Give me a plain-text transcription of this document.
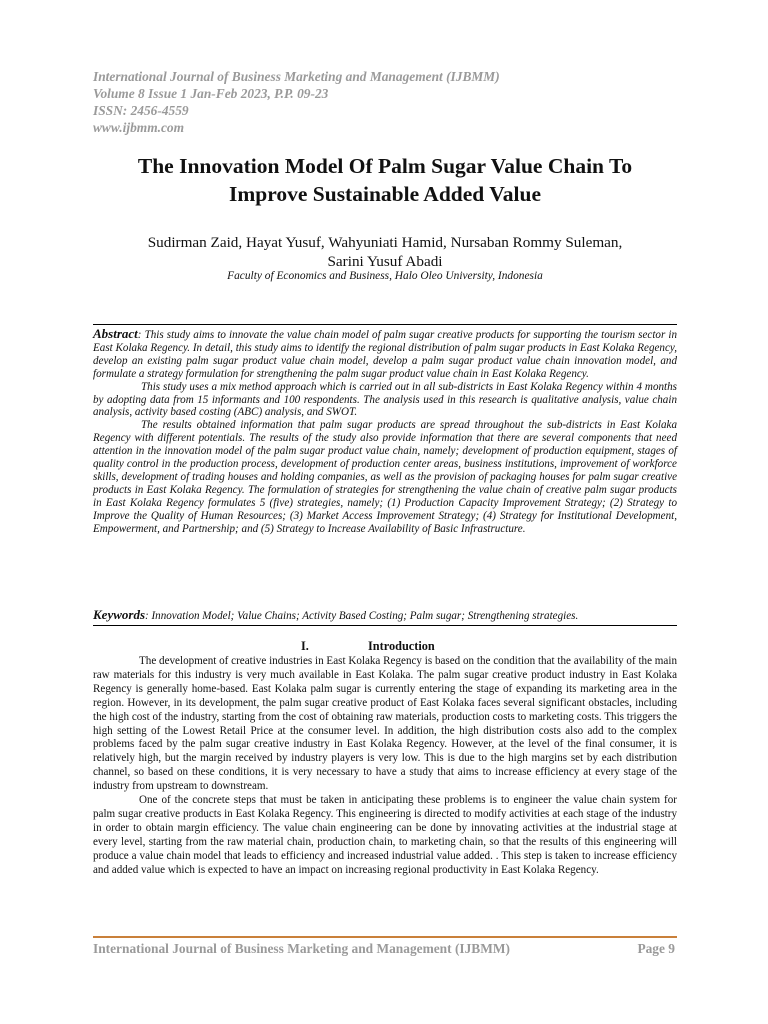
International Journal of Business Marketing and Management (IJBMM)
Volume 8 Issue 1 Jan-Feb 2023, P.P. 09-23
ISSN: 2456-4559
www.ijbmm.com
The Innovation Model Of Palm Sugar Value Chain To
Improve Sustainable Added Value
Sudirman Zaid, Hayat Yusuf, Wahyuniati Hamid, Nursaban Rommy Suleman,
Sarini Yusuf Abadi
Faculty of Economics and Business, Halo Oleo University, Indonesia

Abstract: This study aims to innovate the value chain model of palm sugar creative products for supporting the tourism sector in East Kolaka Regency. In detail, this study aims to identify the regional distribution of palm sugar products in East Kolaka Regency, develop an existing palm sugar product value chain model, develop a palm sugar product value chain innovation model, and formulate a strategy formulation for strengthening the palm sugar product value chain in East Kolaka Regency.

This study uses a mix method approach which is carried out in all sub-districts in East Kolaka Regency within 4 months by adopting data from 15 informants and 100 respondents. The analysis used in this research is qualitative analysis, value chain analysis, activity based costing (ABC) analysis, and SWOT.

The results obtained information that palm sugar products are spread throughout the sub-districts in East Kolaka Regency with different potentials. The results of the study also provide information that there are several components that need attention in the innovation model of the palm sugar product value chain, namely; development of production equipment, stages of quality control in the production process, development of production center areas, business institutions, improvement of workforce skills, development of trading houses and holding companies, as well as the provision of packaging houses for palm sugar creative products in East Kolaka Regency. The formulation of strategies for strengthening the value chain of creative palm sugar products in East Kolaka Regency formulates 5 (five) strategies, namely; (1) Production Capacity Improvement Strategy; (2) Strategy to Improve the Quality of Human Resources; (3) Market Access Improvement Strategy; (4) Strategy for Institutional Development, Empowerment, and Partnership; and (5) Strategy to Increase Availability of Basic Infrastructure.

Keywords: Innovation Model; Value Chains; Activity Based Costing; Palm sugar; Strengthening strategies.
I.	Introduction

The development of creative industries in East Kolaka Regency is based on the condition that the availability of the main raw materials for this industry is very much available in East Kolaka. The palm sugar creative product industry in East Kolaka Regency is generally home-based. East Kolaka palm sugar is currently entering the stage of expanding its marketing area in the region. However, in its development, the palm sugar creative product of East Kolaka faces several significant obstacles, including the high cost of the industry, starting from the cost of obtaining raw materials, production costs to marketing costs. This triggers the high setting of the Lowest Retail Price at the consumer level. In addition, the high distribution costs also add to the complex problems faced by the palm sugar creative industry in East Kolaka Regency. However, at the level of the final consumer, it is relatively high, but the margin received by industry players is very low. This is due to the high margins set by each distribution channel, so based on these conditions, it is very necessary to have a study that aims to increase efficiency at every stage of the industry from upstream to downstream.

One of the concrete steps that must be taken in anticipating these problems is to engineer the value chain system for palm sugar creative products in East Kolaka Regency. This engineering is directed to modify activities at each stage of the industry in order to obtain margin efficiency. The value chain engineering can be done by innovating activities at the industrial stage at every level, starting from the raw material chain, production chain, to marketing chain, so that the results of this engineering will produce a value chain model that leads to efficiency and increased industrial value added. . This step is taken to increase efficiency and added value which is expected to have an impact on increasing regional productivity in East Kolaka Regency.

International Journal of Business Marketing and Management (IJBMM)	Page 9
